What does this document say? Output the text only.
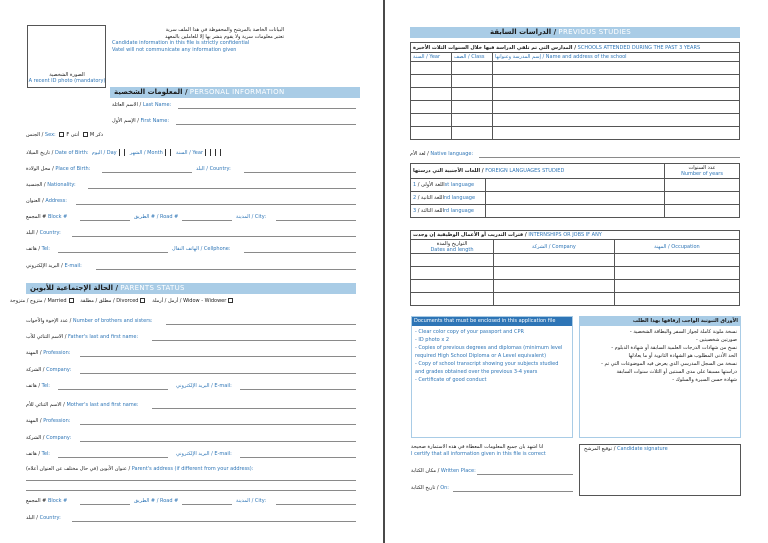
الصورة الشخصية
A recent ID photo (mandatory)
البيانات الخاصة بالمرشح والمحفوظة في هذا الملف سرية
تعتبر معلومات سرية ولا يقوم بنشر بها إلا للعاملين بالمعهد
Candidate information in this file is strictly confidential
Vatel will not communicate any information given
المعلومات الشخصية / PERSONAL INFORMATION
الاسم العائلة / Last Name:
الإسم الأول / First Name:
الجنس / Sex: F أنثى M ذكر
تاريخ الميلاد / Date of Birth: اليوم / Day	الشهر / Month	السنة / Year
محل الولادة / Place of Birth:	البلد / Country:
الجنسية / Nationality:
العنوان / Address:
المجمع # Block #	الطريق # / Road #	المدينة / City:
البلد / Country:
هاتف / Tel:	الهاتف النقال / Cellphone:
البريد الإلكتروني / E-mail:
الحالة الإجتماعية للأبوين / PARENTS STATUS
متزوج / متزوجة / Married	مطلق / مطلقة / Divorced	أرمل / أرملة / Widow - Widower
عدد الإخوة والأخوات / Number of brothers and sisters:
الاسم الثنائي للأب / Father's last and first name:
المهنة / Profession:
الشركة / Company:
هاتف / Tel:	البريد الإلكتروني / E-mail:
الاسم الثنائي للأم / Mother's last and first name:
المهنة / Profession:
الشركة / Company:
هاتف / Tel:	البريد الإلكتروني / E-mail:
عنوان الأبوين (في حال مختلف عن العنوان أعلاه) / Parent's address (if different from your address):
المجمع # Block #	الطريق # / Road #	المدينة / City:
البلد / Country:
الدراسات السابقة / PREVIOUS STUDIES
المدارس التي تم تلقي الدراسة فيها خلال السنوات الثلاث الأخيرة / SCHOOLS ATTENDED DURING THE PAST 3 YEARS		
السنة / Year	الصف / Class	إسم المدرسة وعنوانها / Name and address of the school

لغة الأم / Native language:
اللغات الأجنبية التي درستها / FOREIGN LANGUAGES STUDIED		عدد السنوات
Number of years

اللغة الأولى / 1st language		
اللغة الثانية / 2nd language		
اللغة الثالثة / 3rd language		
فترات التدريب أو الأعمال الوظيفية إن وجدت / INTERNSHIPS OR JOBS IF ANY		

التواريخ والمدة
Dates and length	الشركة / Company	المهنة / Occupation

Documents that must be enclosed in this application file
- Clear color copy of your passport and CPR
- ID photo x 2
- Copies of previous degrees and diplomas (minimum level
required High School Diploma or A Level equivalent)
- Copy of school transcript showing your subjects studied
and grades obtained over the previous 3-4 years
- Certificate of good conduct
الأوراق الثبوتية الواجب إرفاقها بهذا الطلب
- نسخة ملونة كاملة لجواز السفر والبطاقة الشخصية
- صورتين شخصيتين
- نسخ من شهادات الدرجات العلمية السابقة أو شهادة الدبلوم
الحد الأدنى المطلوب هو الشهادة الثانوية أو ما يعادلها
- نسخة من السجل المدرسي الذي يعرض فيه الموضوعات التي تم
دراستها مسبقا على مدى السنتين أو الثلاث سنوات السابقة
- شهادة حسن السيرة والسلوك
أنا أشهد بأن جميع المعلومات المعطاة في هذه الاستمارة صحيحة
I certify that all information given in this file is correct
مكان الكتابة / Written Place:
تاريخ الكتابة / On:
توقيع المرشح / Candidate signature
